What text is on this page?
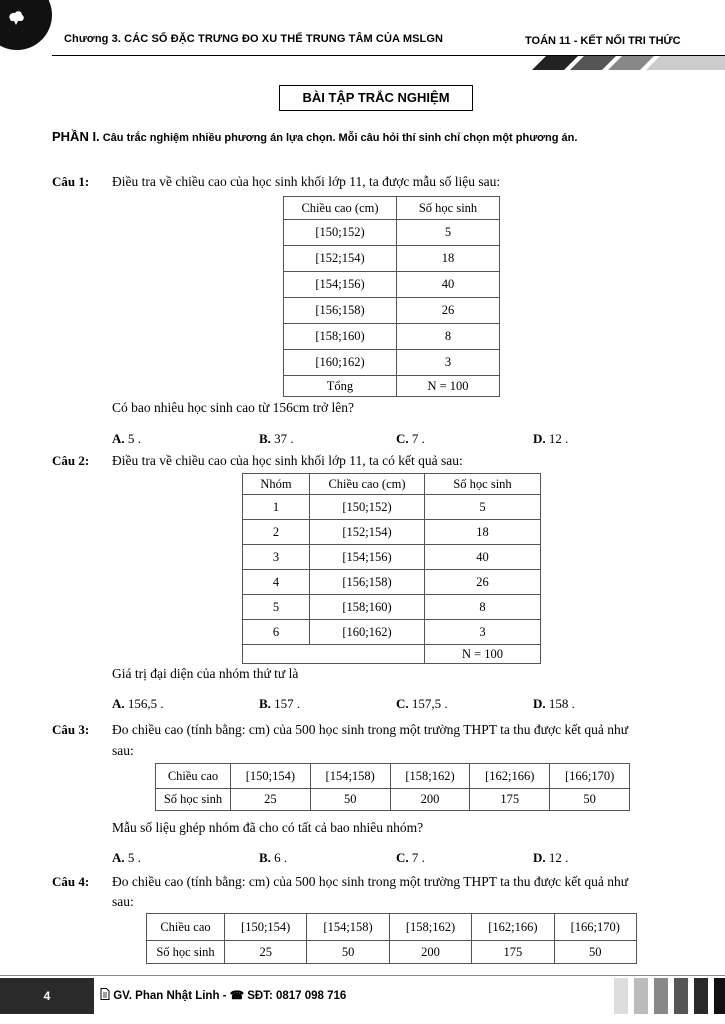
Chương 3. CÁC SỐ ĐẶC TRƯNG ĐO XU THẾ TRUNG TÂM CỦA MSLGN	TOÁN 11 - KẾT NỐI TRI THỨC
BÀI TẬP TRẮC NGHIỆM
PHẦN I. Câu trắc nghiệm nhiều phương án lựa chọn. Mỗi câu hỏi thí sinh chỉ chọn một phương án.
Câu 1: Điều tra về chiều cao của học sinh khối lớp 11, ta được mẫu số liệu sau:
Chiều cao (cm)	Số học sinh
[150;152)	5
[152;154)	18
[154;156)	40
[156;158)	26
[158;160)	8
[160;162)	3
Tổng	N = 100
Có bao nhiêu học sinh cao từ 156cm trở lên?
A. 5 .	B. 37 .	C. 7 .	D. 12 .
Câu 2: Điều tra về chiều cao của học sinh khối lớp 11, ta có kết quả sau:
Nhóm	Chiều cao (cm)	Số học sinh
1	[150;152)	5
2	[152;154)	18
3	[154;156)	40
4	[156;158)	26
5	[158;160)	8
6	[160;162)	3
		N = 100
Giá trị đại diện của nhóm thứ tư là
A. 156,5 .	B. 157 .	C. 157,5 .	D. 158 .
Câu 3: Đo chiều cao (tính bằng: cm) của 500 học sinh trong một trường THPT ta thu được kết quả như
sau:
Chiều cao	[150;154)	[154;158)	[158;162)	[162;166)	[166;170)
Số học sinh	25	50	200	175	50
Mẫu số liệu ghép nhóm đã cho có tất cả bao nhiêu nhóm?
A. 5 .	B. 6 .	C. 7 .	D. 12 .
Câu 4: Đo chiều cao (tính bằng: cm) của 500 học sinh trong một trường THPT ta thu được kết quả như
sau:
Chiều cao	[150;154)	[154;158)	[158;162)	[162;166)	[166;170)
Số học sinh	25	50	200	175	50
4	GV. Phan Nhật Linh - ☎ SĐT: 0817 098 716
